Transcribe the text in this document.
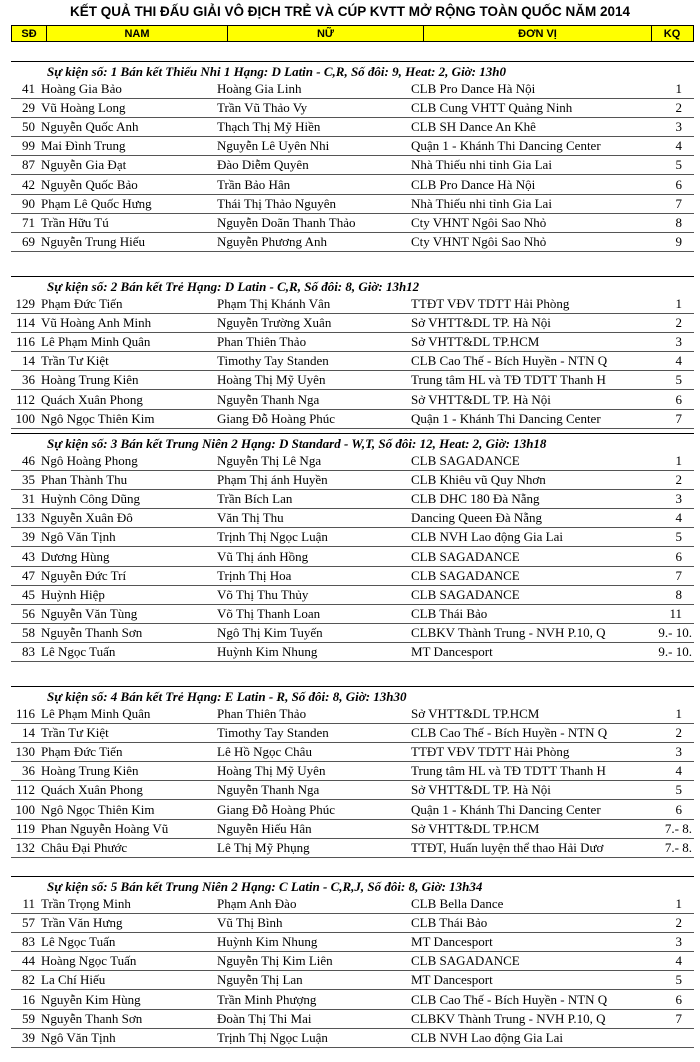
KẾT QUẢ THI ĐẤU GIẢI VÔ ĐỊCH TRẺ VÀ CÚP KVTT MỞ RỘNG TOÀN QUỐC NĂM 2014
SĐ	NAM	NỮ	ĐƠN VỊ	KQ
Sự kiện số: 1 Bán kết Thiếu Nhi 1 Hạng: D Latin - C,R, Số đôi: 9, Heat: 2, Giờ: 13h0
41 Hoàng Gia Bảo	Hoàng Gia Linh	CLB Pro Dance Hà Nội	1
29 Vũ Hoàng Long	Trần Vũ Thảo Vy	CLB Cung VHTT Quảng Ninh	2
50 Nguyễn Quốc Anh	Thạch Thị Mỹ Hiền	CLB SH Dance An Khê	3
99 Mai Đình Trung	Nguyễn Lê Uyên Nhi	Quận 1 - Khánh Thi Dancing Center	4
87 Nguyễn Gia Đạt	Đào Diễm Quyên	Nhà Thiếu nhi tỉnh Gia Lai	5
42 Nguyễn Quốc Bảo	Trần Bảo Hân	CLB Pro Dance Hà Nội	6
90 Phạm Lê Quốc Hưng	Thái Thị Thảo Nguyên	Nhà Thiếu nhi tỉnh Gia Lai	7
71 Trần Hữu Tú	Nguyễn Doãn Thanh Thảo	Cty VHNT Ngôi Sao Nhỏ	8
69 Nguyễn Trung Hiếu	Nguyễn Phương Anh	Cty VHNT Ngôi Sao Nhỏ	9
Sự kiện số: 2 Bán kết Trẻ Hạng: D Latin - C,R, Số đôi: 8, Giờ: 13h12
129 Phạm Đức Tiến	Phạm Thị Khánh Vân	TTĐT VĐV TDTT Hải Phòng	1
114 Vũ Hoàng Anh Minh	Nguyễn Trường Xuân	Sở VHTT&DL TP. Hà Nội	2
116 Lê Phạm Minh Quân	Phan Thiên Thảo	Sở VHTT&DL TP.HCM	3
14 Trần Tư Kiệt	Timothy Tay Standen	CLB Cao Thế - Bích Huyền - NTN Q	4
36 Hoàng Trung Kiên	Hoàng Thị Mỹ Uyên	Trung tâm HL và TĐ TDTT Thanh H	5
112 Quách Xuân Phong	Nguyễn Thanh Nga	Sở VHTT&DL TP. Hà Nội	6
100 Ngô Ngọc Thiên Kim	Giang Đỗ Hoàng Phúc	Quận 1 - Khánh Thi Dancing Center	7
Sự kiện số: 3 Bán kết Trung Niên 2 Hạng: D Standard - W,T, Số đôi: 12, Heat: 2, Giờ: 13h18
46 Ngô Hoàng Phong	Nguyễn Thị Lê Nga	CLB SAGADANCE	1
35 Phan Thành Thu	Phạm Thị ánh Huyền	CLB Khiêu vũ Quy Nhơn	2
31 Huỳnh Công Dũng	Trần Bích Lan	CLB DHC 180 Đà Nẵng	3
133 Nguyễn Xuân Đô	Văn Thị Thu	Dancing Queen Đà Nẵng	4
39 Ngô Văn Tịnh	Trịnh Thị Ngọc Luận	CLB NVH Lao động Gia Lai	5
43 Dương Hùng	Vũ Thị ánh Hồng	CLB SAGADANCE	6
47 Nguyễn Đức Trí	Trịnh Thị Hoa	CLB SAGADANCE	7
45 Huỳnh Hiệp	Võ Thị Thu Thủy	CLB SAGADANCE	8
56 Nguyễn Văn Tùng	Võ Thị Thanh Loan	CLB Thái Bảo	11
58 Nguyễn Thanh Sơn	Ngô Thị Kim Tuyến	CLBKV Thành Trung - NVH P.10, Q	9.- 10.
83 Lê Ngọc Tuấn	Huỳnh Kim Nhung	MT Dancesport	9.- 10.
Sự kiện số: 4 Bán kết Trẻ Hạng: E Latin - R, Số đôi: 8, Giờ: 13h30
116 Lê Phạm Minh Quân	Phan Thiên Thảo	Sở VHTT&DL TP.HCM	1
14 Trần Tư Kiệt	Timothy Tay Standen	CLB Cao Thế - Bích Huyền - NTN Q	2
130 Phạm Đức Tiến	Lê Hồ Ngọc Châu	TTĐT VĐV TDTT Hải Phòng	3
36 Hoàng Trung Kiên	Hoàng Thị Mỹ Uyên	Trung tâm HL và TĐ TDTT Thanh H	4
112 Quách Xuân Phong	Nguyễn Thanh Nga	Sở VHTT&DL TP. Hà Nội	5
100 Ngô Ngọc Thiên Kim	Giang Đỗ Hoàng Phúc	Quận 1 - Khánh Thi Dancing Center	6
119 Phan Nguyễn Hoàng Vũ	Nguyễn Hiếu Hân	Sở VHTT&DL TP.HCM	7.- 8.
132 Châu Đại Phước	Lê Thị Mỹ Phụng	TTĐT, Huấn luyện thể thao Hải Dươ	7.- 8.
Sự kiện số: 5 Bán kết Trung Niên 2 Hạng: C Latin - C,R,J, Số đôi: 8, Giờ: 13h34
11 Trần Trọng Minh	Phạm Anh Đào	CLB Bella Dance	1
57 Trần Văn Hưng	Vũ Thị Bình	CLB Thái Bảo	2
83 Lê Ngọc Tuấn	Huỳnh Kim Nhung	MT Dancesport	3
44 Hoàng Ngọc Tuấn	Nguyễn Thị Kim Liên	CLB SAGADANCE	4
82 La Chí Hiếu	Nguyễn Thị Lan	MT Dancesport	5
16 Nguyễn Kim Hùng	Trần Minh Phượng	CLB Cao Thế - Bích Huyền - NTN Q	6
59 Nguyễn Thanh Sơn	Đoàn Thị Thi Mai	CLBKV Thành Trung - NVH P.10, Q	7
39 Ngô Văn Tịnh	Trịnh Thị Ngọc Luận	CLB NVH Lao động Gia Lai
